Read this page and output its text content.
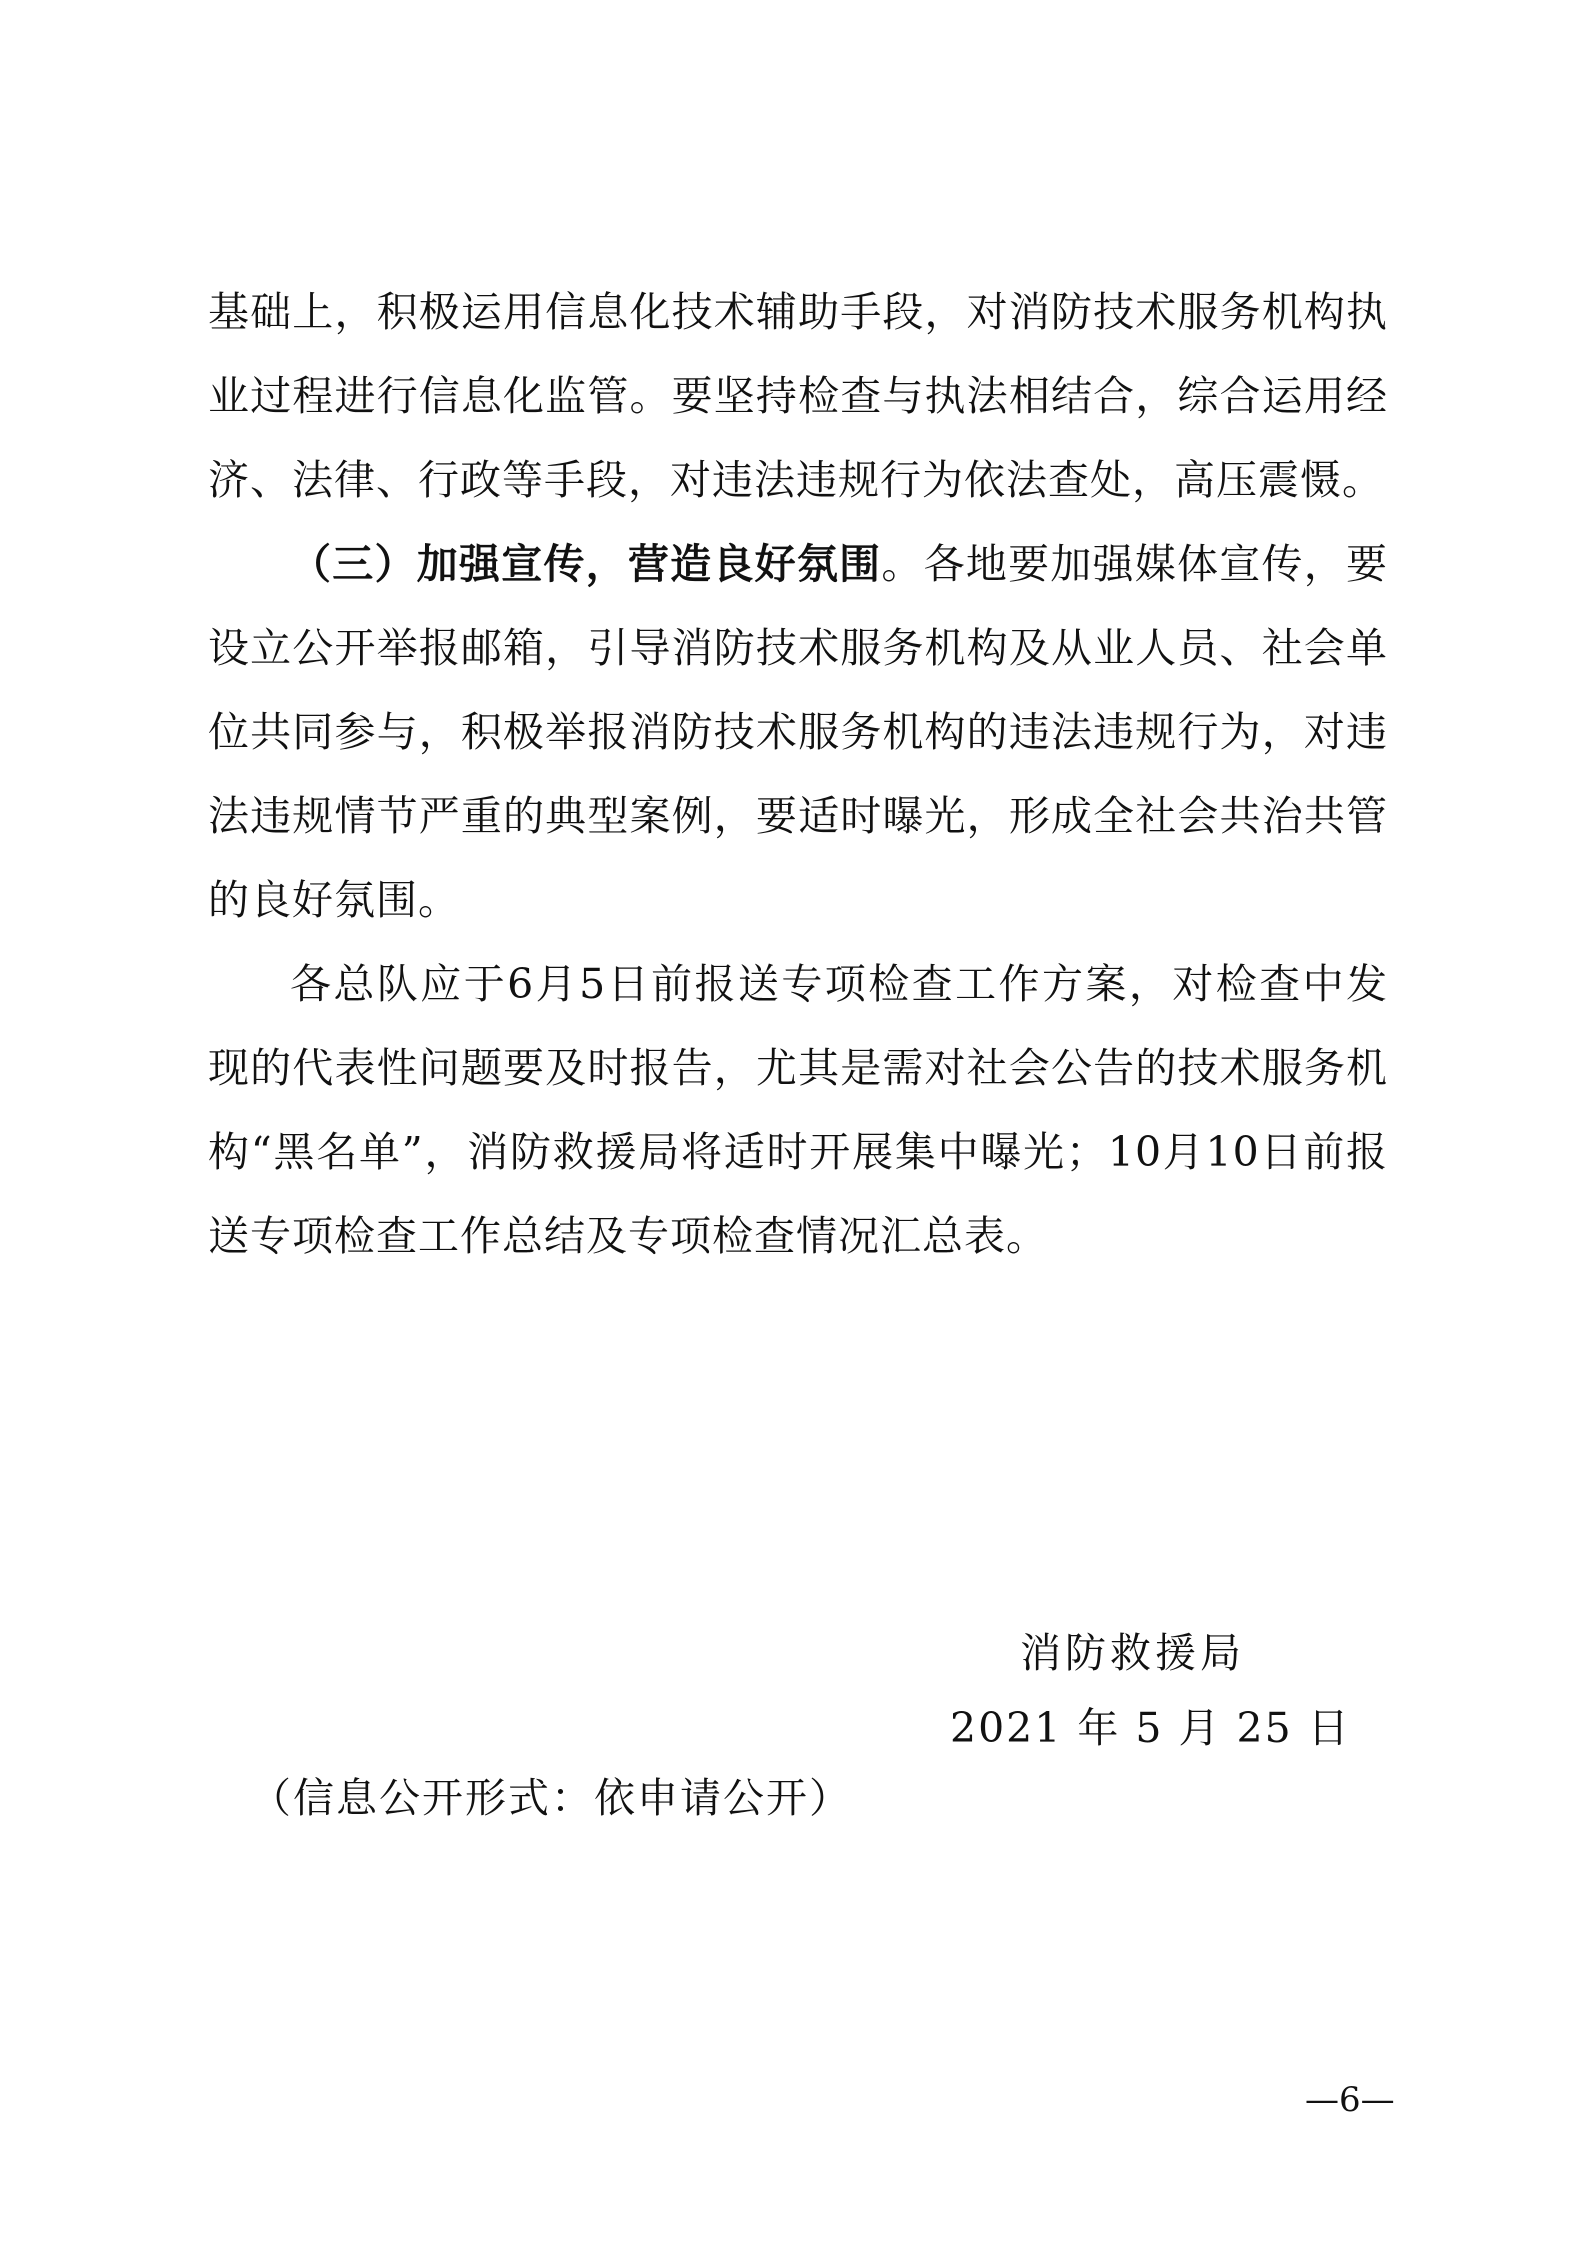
基础上，积极运用信息化技术辅助手段，对消防技术服务机构执业过程进行信息化监管。要坚持检查与执法相结合，综合运用经济、法律、行政等手段，对违法违规行为依法查处，高压震慑。

（三）加强宣传，营造良好氛围。各地要加强媒体宣传，要设立公开举报邮箱，引导消防技术服务机构及从业人员、社会单位共同参与，积极举报消防技术服务机构的违法违规行为，对违法违规情节严重的典型案例，要适时曝光，形成全社会共治共管的良好氛围。

各总队应于6月5日前报送专项检查工作方案，对检查中发现的代表性问题要及时报告，尤其是需对社会公告的技术服务机构“黑名单”，消防救援局将适时开展集中曝光；10月10日前报送专项检查工作总结及专项检查情况汇总表。

消防救援局
2021 年 5 月 25 日
（信息公开形式：依申请公开）
—6—
